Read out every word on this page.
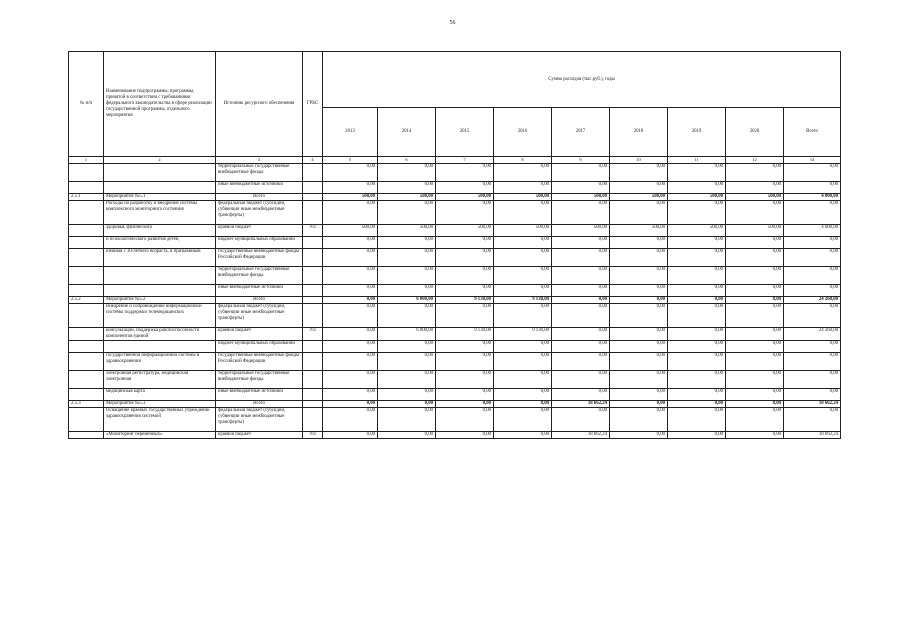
56
№ п/п	Наименование подпрограммы, программы, принятой в соответствии с требованиями федерального законодательства в сфере реализации государственной программы, отдельного мероприятия	Источник ресурсного обеспечения	ГРБС	Сумма расходов (тыс.руб.), годы								
				2013	2014	2015	2016	2017	2018	2019	2020	Всего
1	2	3	4	5	6	7	8	9	10	11	12	14
		территориальные государственные внебюджетные фонды		0,00	0,00	0,00	0,00	0,00	0,00	0,00	0,00	0,00
		иные внебюджетные источники		0,00	0,00	0,00	0,00	0,00	0,00	0,00	0,00	0,00
2.5.1	Мероприятие №5.1	Всего		500,00	500,00	500,00	500,00	500,00	500,00	500,00	500,00	4 000,00
	Расходы на разработку и внедрение системы комплексного мониторинга состояния	федеральный бюджет (субсидии, субвенции иные межбюджетные трансферты)		0,00	0,00	0,00	0,00	0,00	0,00	0,00	0,00	0,00
	здоровья, физического	краевой бюджет	761	500,00	500,00	500,00	500,00	500,00	500,00	500,00	500,00	4 000,00
	и психологического развития детей,	бюджет муниципальных образований		0,00	0,00	0,00	0,00	0,00	0,00	0,00	0,00	0,00
	начиная с 10-летнего возраста, и призывников	государственные внебюджетные фонды Российской Федерации		0,00	0,00	0,00	0,00	0,00	0,00	0,00	0,00	0,00
		территориальные государственные внебюджетные фонды		0,00	0,00	0,00	0,00	0,00	0,00	0,00	0,00	0,00
		иные внебюджетные источники		0,00	0,00	0,00	0,00	0,00	0,00	0,00	0,00	0,00
2.5.2	Мероприятие №5.2	Всего		0,00	6 000,00	9 130,00	9 130,00	0,00	0,00	0,00	0,00	24 260,00
	Внедрение и сопровождение информационной системы поддержки телемедицинских	федеральный бюджет (субсидии, субвенции иные межбюджетные трансферты)		0,00	0,00	0,00	0,00	0,00	0,00	0,00	0,00	0,00
	консультаций, поддержка работоспособности компонентов единой	краевой бюджет	761	0,00	6 000,00	9 130,00	9 130,00	0,00	0,00	0,00	0,00	24 260,00
		бюджет муниципальных образований		0,00	0,00	0,00	0,00	0,00	0,00	0,00	0,00	0,00
	государственной информационной системы в здравоохранении	государственные внебюджетные фонды Российской Федерации		0,00	0,00	0,00	0,00	0,00	0,00	0,00	0,00	0,00
	электронная регистратура, медицинская электронная	территориальные государственные внебюджетные фонды		0,00	0,00	0,00	0,00	0,00	0,00	0,00	0,00	0,00
	медицинская карта	иные внебюджетные источники		0,00	0,00	0,00	0,00	0,00	0,00	0,00	0,00	0,00
2.5.3	Мероприятие №5.3	Всего		0,00	0,00	0,00	0,00	18 662,24	0,00	0,00	0,00	18 662,24
	Оснащение краевых государственных учреждений здравоохранения системой	федеральный бюджет (субсидии, субвенции иные межбюджетные трансферты)		0,00	0,00	0,00	0,00	0,00	0,00	0,00	0,00	0,00
	«Мониторинг беременных»	краевой бюджет	761	0,00	0,00	0,00	0,00	18 662,24	0,00	0,00	0,00	18 662,24
